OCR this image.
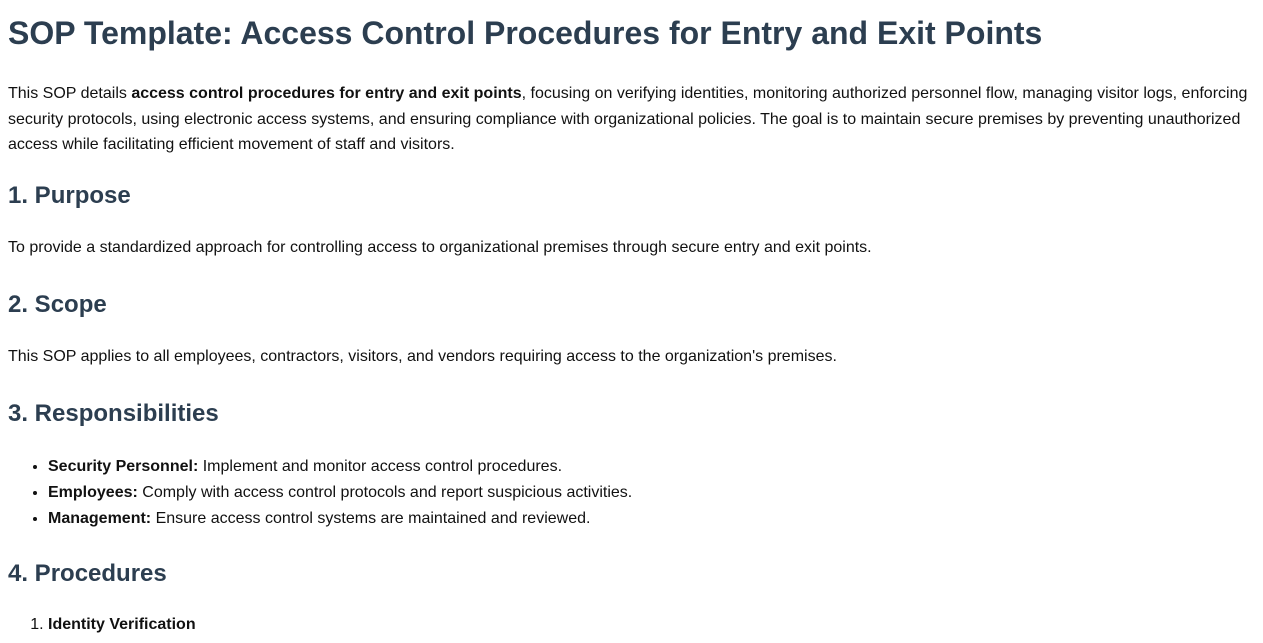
SOP Template: Access Control Procedures for Entry and Exit Points

This SOP details access control procedures for entry and exit points, focusing on verifying identities, monitoring authorized personnel flow, managing visitor logs, enforcing security protocols, using electronic access systems, and ensuring compliance with organizational policies. The goal is to maintain secure premises by preventing unauthorized access while facilitating efficient movement of staff and visitors.

1. Purpose

To provide a standardized approach for controlling access to organizational premises through secure entry and exit points.

2. Scope

This SOP applies to all employees, contractors, visitors, and vendors requiring access to the organization's premises.

3. Responsibilities
• Security Personnel: Implement and monitor access control procedures.
• Employees: Comply with access control protocols and report suspicious activities.
• Management: Ensure access control systems are maintained and reviewed.
4. Procedures
1. Identity Verification
